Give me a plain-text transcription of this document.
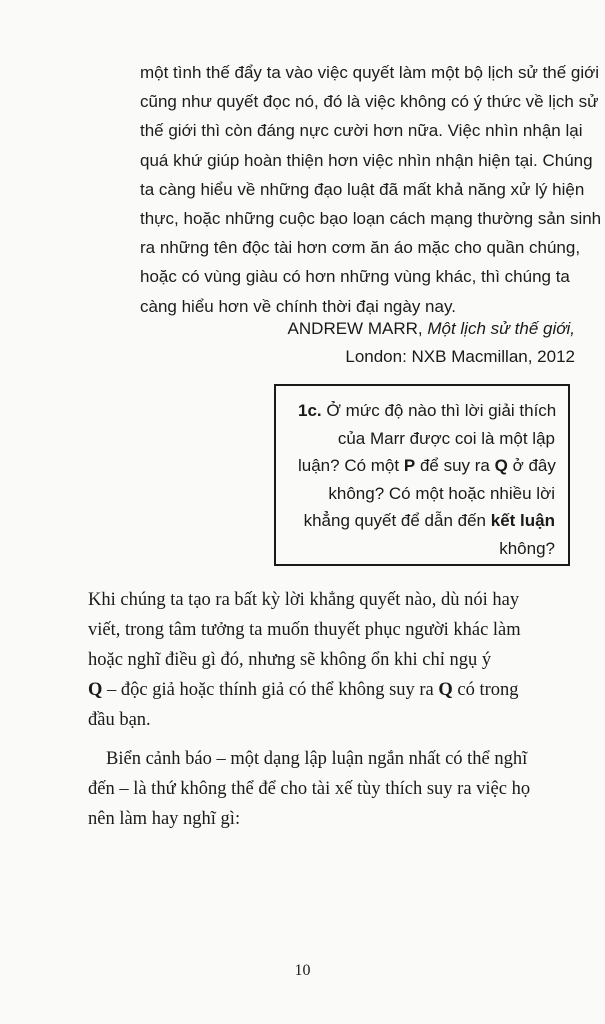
một tình thế đẩy ta vào việc quyết làm một bộ lịch sử thế giới
cũng như quyết đọc nó, đó là việc không có ý thức về lịch sử
thế giới thì còn đáng nực cười hơn nữa. Việc nhìn nhận lại
quá khứ giúp hoàn thiện hơn việc nhìn nhận hiện tại. Chúng
ta càng hiểu về những đạo luật đã mất khả năng xử lý hiện
thực, hoặc những cuộc bạo loạn cách mạng thường sản sinh
ra những tên độc tài hơn cơm ăn áo mặc cho quần chúng,
hoặc có vùng giàu có hơn những vùng khác, thì chúng ta
càng hiểu hơn về chính thời đại ngày nay.
ANDREW MARR, Một lịch sử thế giới,
London: NXB Macmillan, 2012
1c. Ở mức độ nào thì lời giải thích
của Marr được coi là một lập
luận? Có một P để suy ra Q ở đây
không? Có một hoặc nhiều lời
khẳng quyết để dẫn đến kết luận
không?
Khi chúng ta tạo ra bất kỳ lời khẳng quyết nào, dù nói hay
viết, trong tâm tưởng ta muốn thuyết phục người khác làm
hoặc nghĩ điều gì đó, nhưng sẽ không ổn khi chỉ ngụ ý
Q – độc giả hoặc thính giả có thể không suy ra Q có trong
đầu bạn.
Biển cảnh báo – một dạng lập luận ngắn nhất có thể nghĩ
đến – là thứ không thể để cho tài xế tùy thích suy ra việc họ
nên làm hay nghĩ gì:
10
